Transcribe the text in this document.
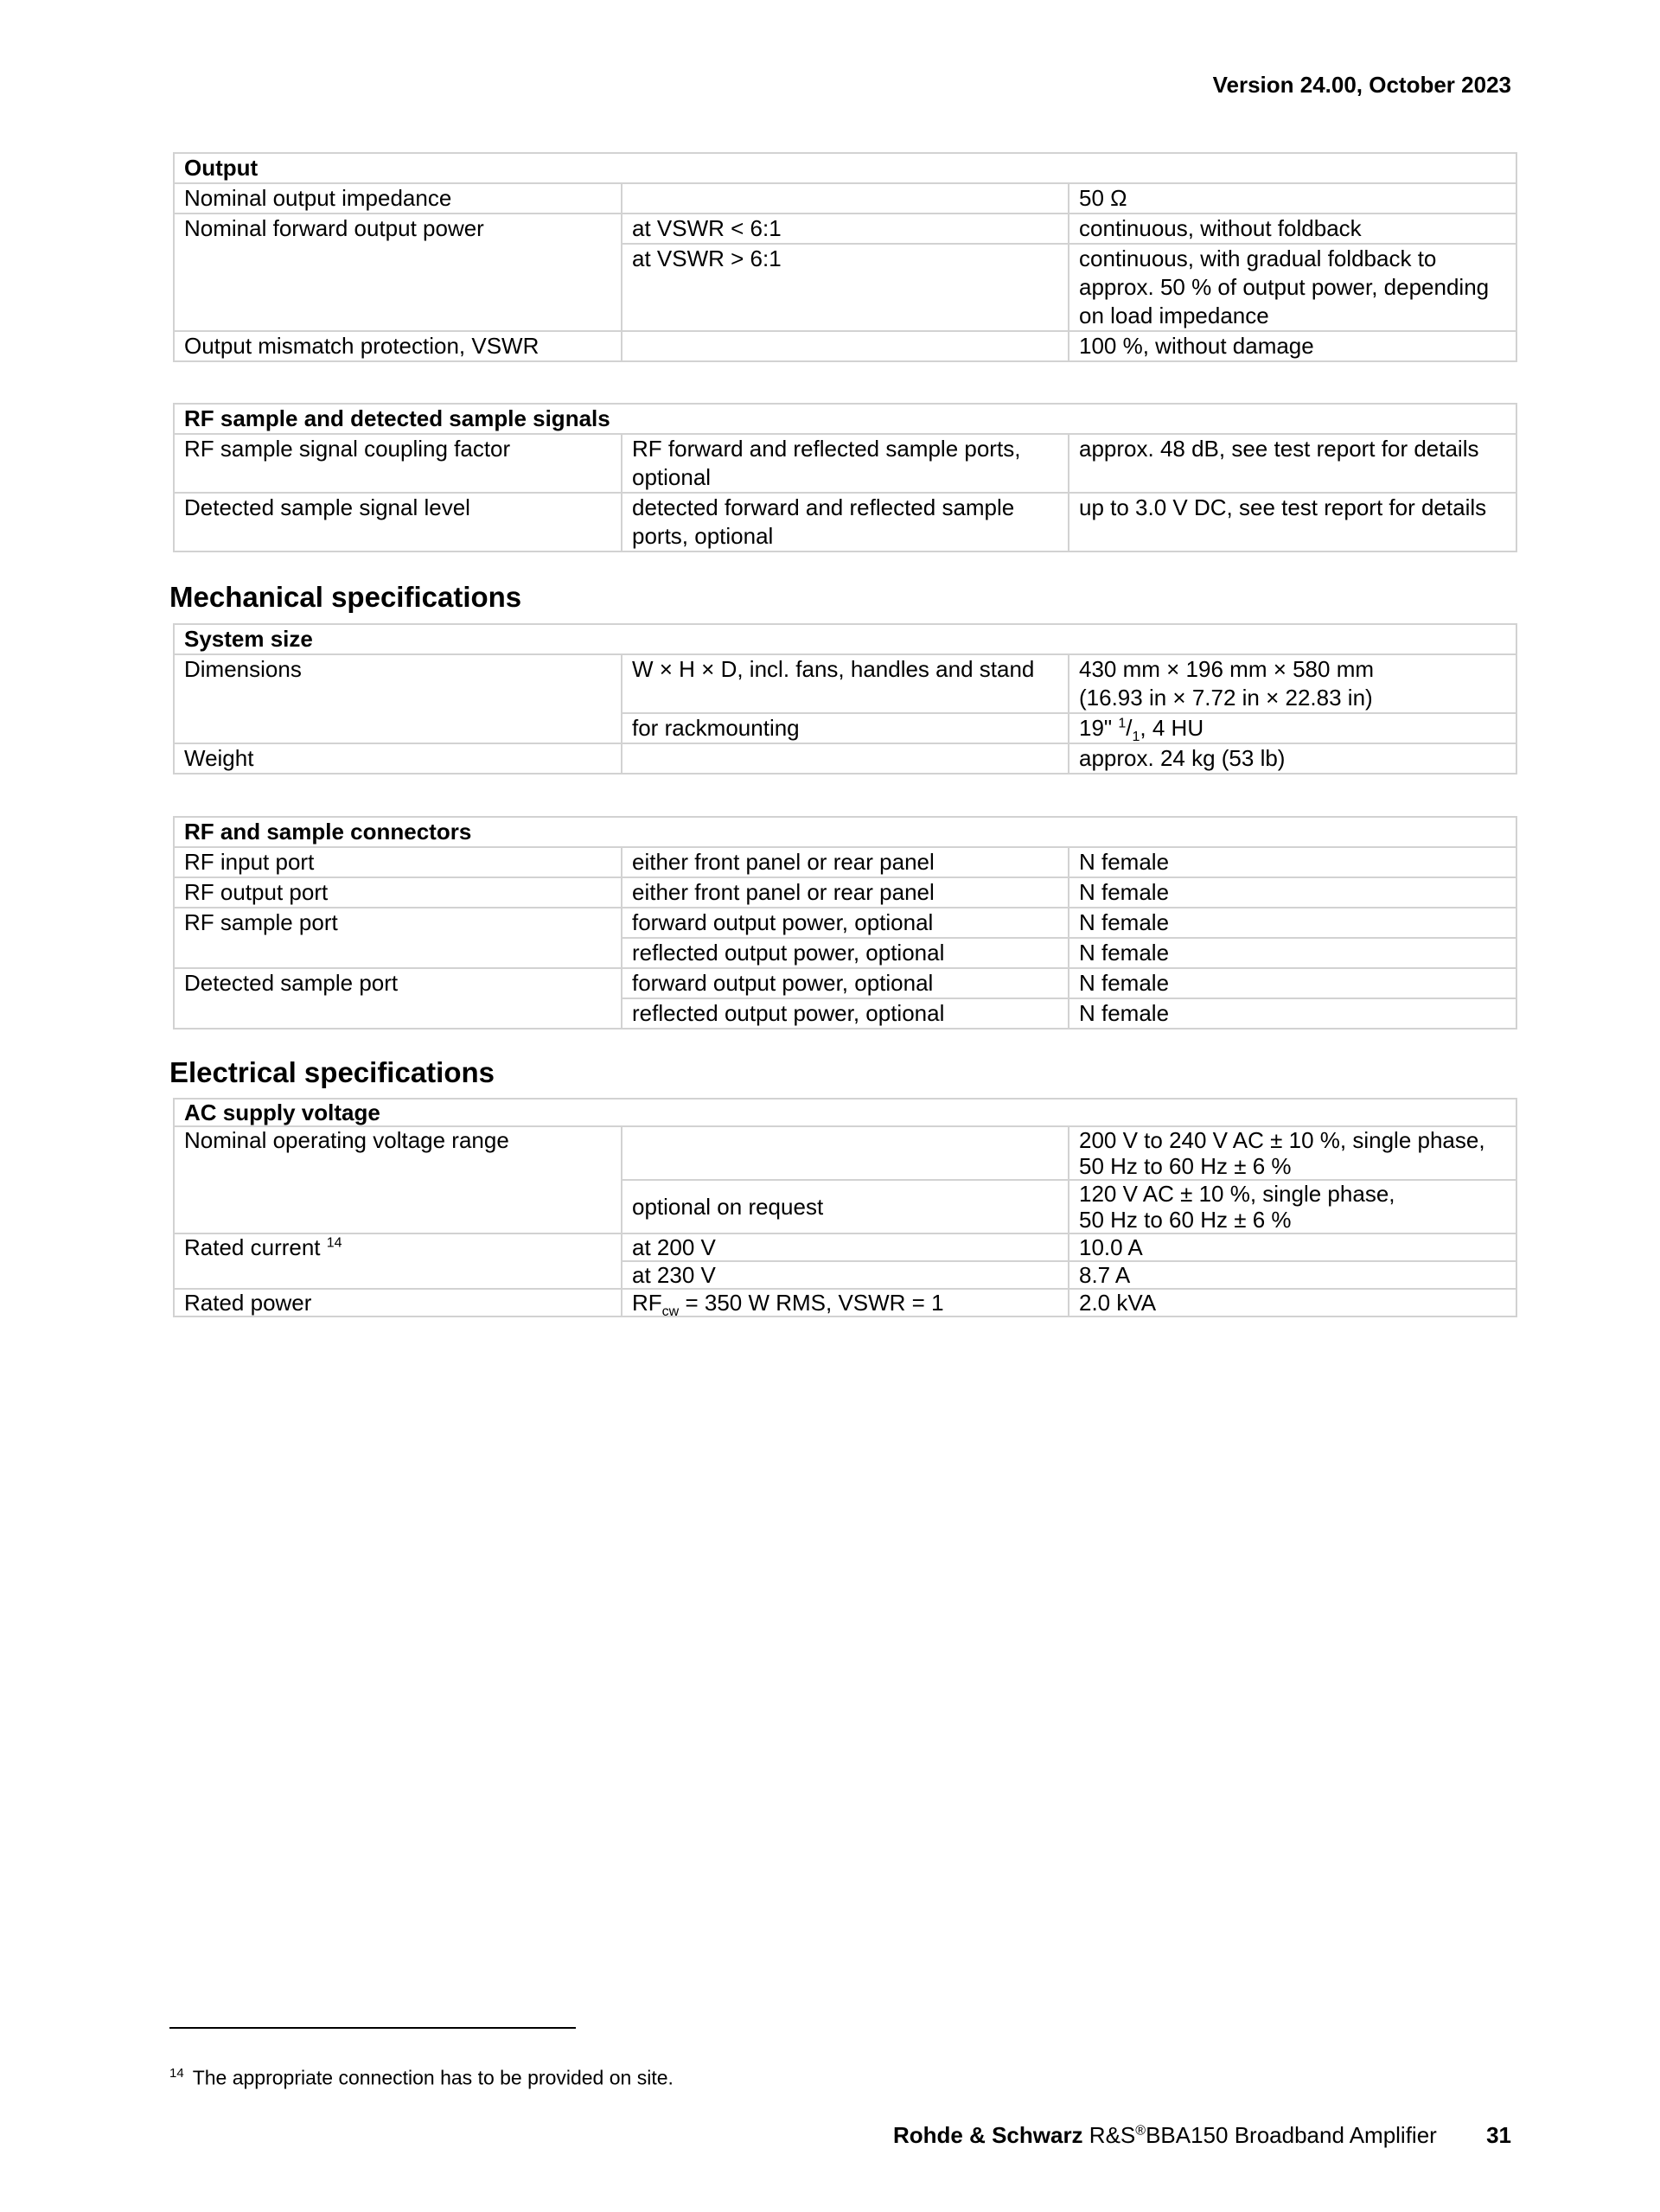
Version 24.00, October 2023
Output		
Nominal output impedance		50 Ω
Nominal forward output power	at VSWR < 6:1	continuous, without foldback
	at VSWR > 6:1	continuous, with gradual foldback to approx. 50 % of output power, depending on load impedance
Output mismatch protection, VSWR		100 %, without damage
RF sample and detected sample signals		
RF sample signal coupling factor	RF forward and reflected sample ports, optional	approx. 48 dB, see test report for details
Detected sample signal level	detected forward and reflected sample ports, optional	up to 3.0 V DC, see test report for details
Mechanical specifications
System size		
Dimensions	W × H × D, incl. fans, handles and stand	430 mm × 196 mm × 580 mm
(16.93 in × 7.72 in × 22.83 in)
	for rackmounting	19" $^1/_1$, 4 HU
Weight		approx. 24 kg (53 lb)
RF and sample connectors		
RF input port	either front panel or rear panel	N female
RF output port	either front panel or rear panel	N female
RF sample port	forward output power, optional	N female
	reflected output power, optional	N female
Detected sample port	forward output power, optional	N female
	reflected output power, optional	N female
Electrical specifications
AC supply voltage		
Nominal operating voltage range		200 V to 240 V AC ± 10 %, single phase,
50 Hz to 60 Hz ± 6 %
	optional on request	120 V AC ± 10 %, single phase,
50 Hz to 60 Hz ± 6 %
Rated current $^{14}$	at 200 V	10.0 A
	at 230 V	8.7 A
Rated power	$RF_{cw} = 350$ W RMS, VSWR = 1	2.0 kVA
$^{14}$ The appropriate connection has to be provided on site.
Rohde & Schwarz R&S®BBA150 Broadband Amplifier 31
